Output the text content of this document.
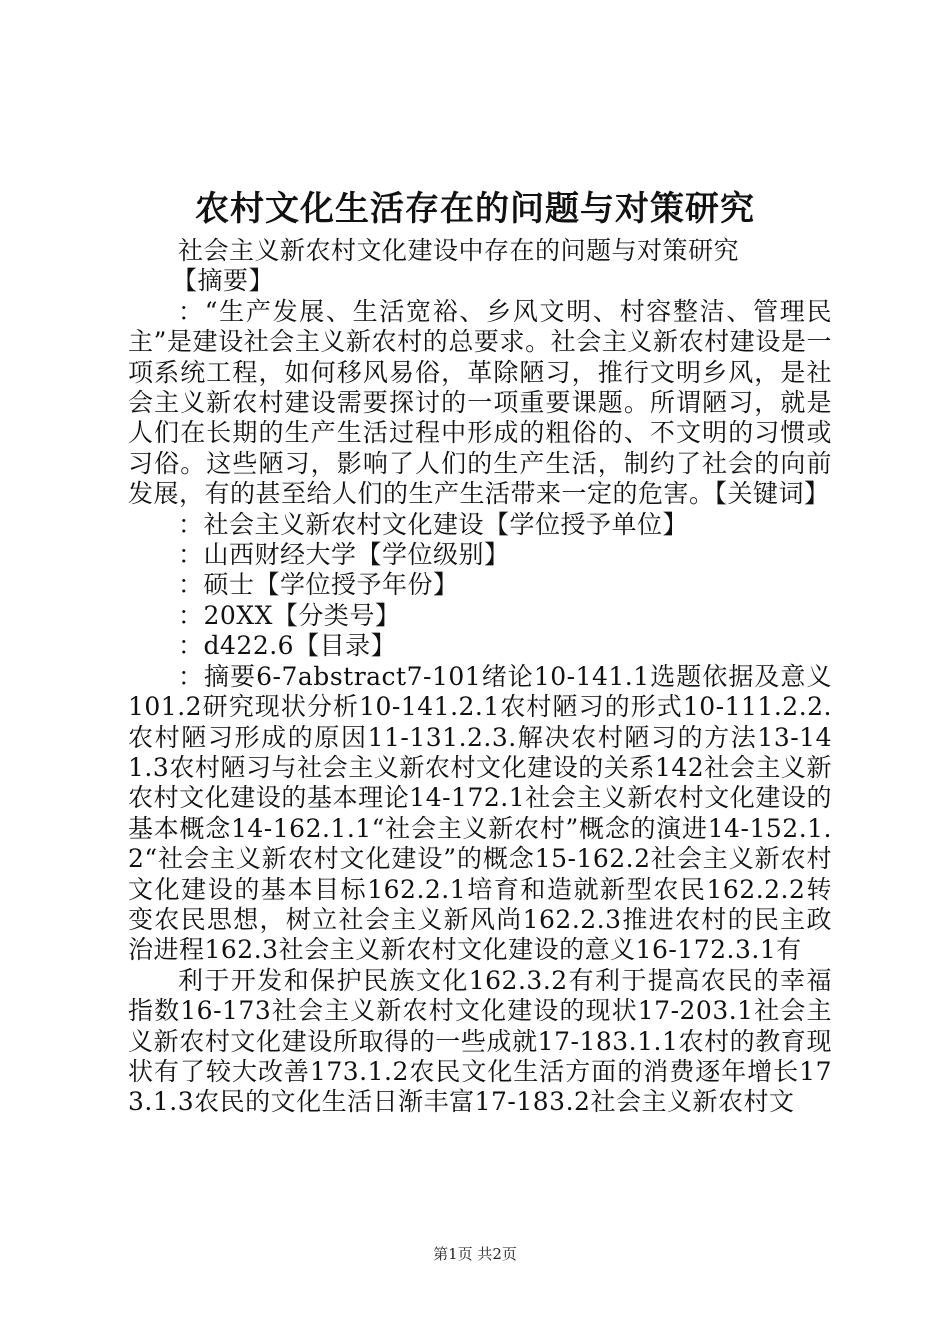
农村文化生活存在的问题与对策研究

社会主义新农村文化建设中存在的问题与对策研究

【摘要】

：“生产发展、生活宽裕、乡风文明、村容整洁、管理民主”是建设社会主义新农村的总要求。社会主义新农村建设是一项系统工程，如何移风易俗，革除陋习，推行文明乡风，是社会主义新农村建设需要探讨的一项重要课题。所谓陋习，就是人们在长期的生产生活过程中形成的粗俗的、不文明的习惯或习俗。这些陋习，影响了人们的生产生活，制约了社会的向前发展，有的甚至给人们的生产生活带来一定的危害。【关键词】

：社会主义新农村文化建设【学位授予单位】

：山西财经大学【学位级别】

：硕士【学位授予年份】

：20XX【分类号】

：d422.6【目录】

：摘要6-7abstract7-101绪论10-141.1选题依据及意义101.2研究现状分析10-141.2.1农村陋习的形式10-111.2.2.农村陋习形成的原因11-131.2.3.解决农村陋习的方法13-141.3农村陋习与社会主义新农村文化建设的关系142社会主义新农村文化建设的基本理论14-172.1社会主义新农村文化建设的基本概念14-162.1.1“社会主义新农村”概念的演进14-152.1.2“社会主义新农村文化建设”的概念15-162.2社会主义新农村文化建设的基本目标162.2.1培育和造就新型农民162.2.2转变农民思想，树立社会主义新风尚162.2.3推进农村的民主政治进程162.3社会主义新农村文化建设的意义16-172.3.1有

利于开发和保护民族文化162.3.2有利于提高农民的幸福指数16-173社会主义新农村文化建设的现状17-203.1社会主义新农村文化建设所取得的一些成就17-183.1.1农村的教育现状有了较大改善173.1.2农民文化生活方面的消费逐年增长173.1.3农民的文化生活日渐丰富17-183.2社会主义新农村文

第1页 共2页
